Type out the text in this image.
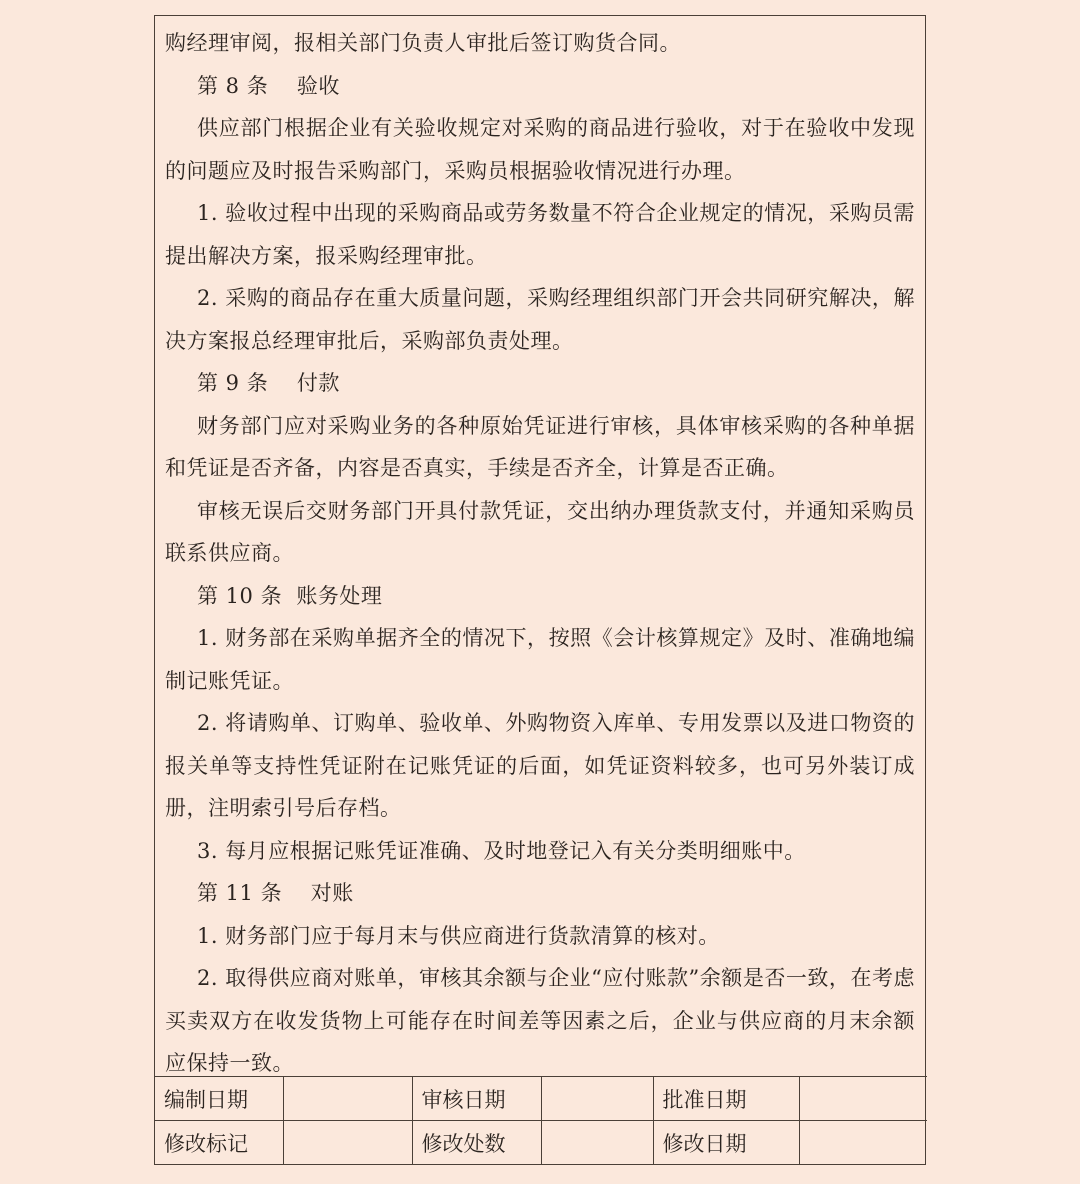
购经理审阅，报相关部门负责人审批后签订购货合同。

第 8 条    验收

供应部门根据企业有关验收规定对采购的商品进行验收，对于在验收中发现的问题应及时报告采购部门，采购员根据验收情况进行办理。

1. 验收过程中出现的采购商品或劳务数量不符合企业规定的情况，采购员需提出解决方案，报采购经理审批。

2. 采购的商品存在重大质量问题，采购经理组织部门开会共同研究解决，解决方案报总经理审批后，采购部负责处理。

第 9 条    付款

财务部门应对采购业务的各种原始凭证进行审核，具体审核采购的各种单据和凭证是否齐备，内容是否真实，手续是否齐全，计算是否正确。

审核无误后交财务部门开具付款凭证，交出纳办理货款支付，并通知采购员联系供应商。

第 10 条  账务处理

1. 财务部在采购单据齐全的情况下，按照《会计核算规定》及时、准确地编制记账凭证。

2. 将请购单、订购单、验收单、外购物资入库单、专用发票以及进口物资的报关单等支持性凭证附在记账凭证的后面，如凭证资料较多，也可另外装订成册，注明索引号后存档。

3. 每月应根据记账凭证准确、及时地登记入有关分类明细账中。

第 11 条    对账

1. 财务部门应于每月末与供应商进行货款清算的核对。

2. 取得供应商对账单，审核其余额与企业“应付账款”余额是否一致，在考虑买卖双方在收发货物上可能存在时间差等因素之后，企业与供应商的月末余额应保持一致。

编制日期		审核日期		批准日期	
修改标记		修改处数		修改日期	
